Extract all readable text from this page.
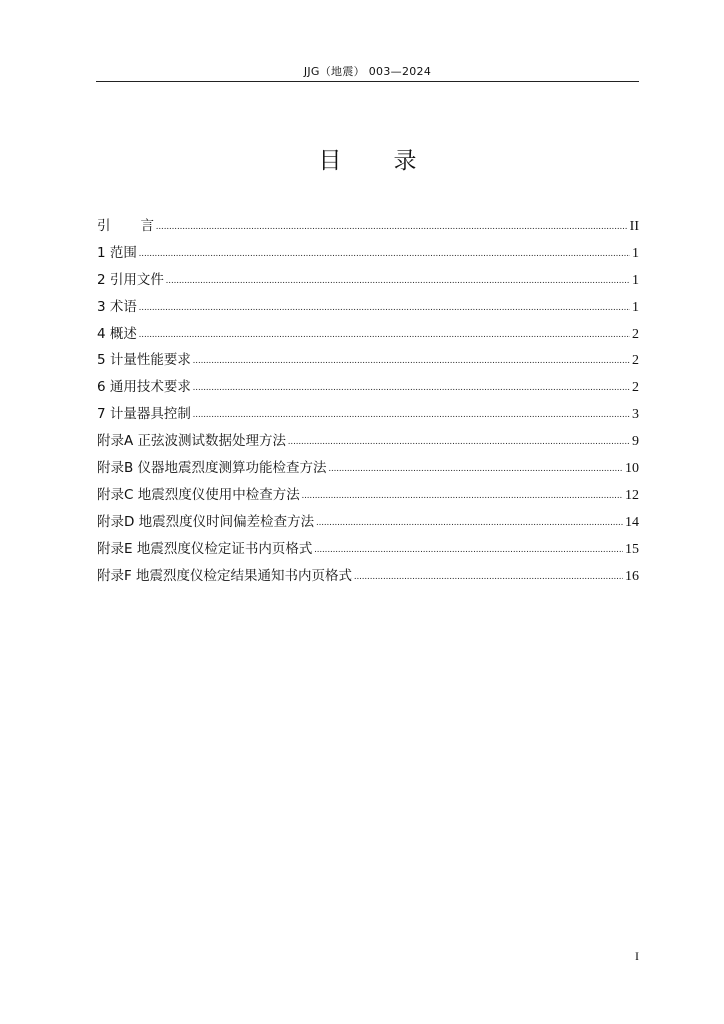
JJG（地震） 003—2024
目 录
引 言 .....	II
1 范围 .....	1
2 引用文件 .....	1
3 术语 .....	1
4 概述 .....	2
5 计量性能要求 .....	2
6 通用技术要求 .....	2
7 计量器具控制 .....	3
附录A 正弦波测试数据处理方法 .....	9
附录B 仪器地震烈度测算功能检查方法 .....	10
附录C 地震烈度仪使用中检查方法 .....	12
附录D 地震烈度仪时间偏差检查方法 .....	14
附录E 地震烈度仪检定证书内页格式 .....	15
附录F 地震烈度仪检定结果通知书内页格式 .....	16
I
